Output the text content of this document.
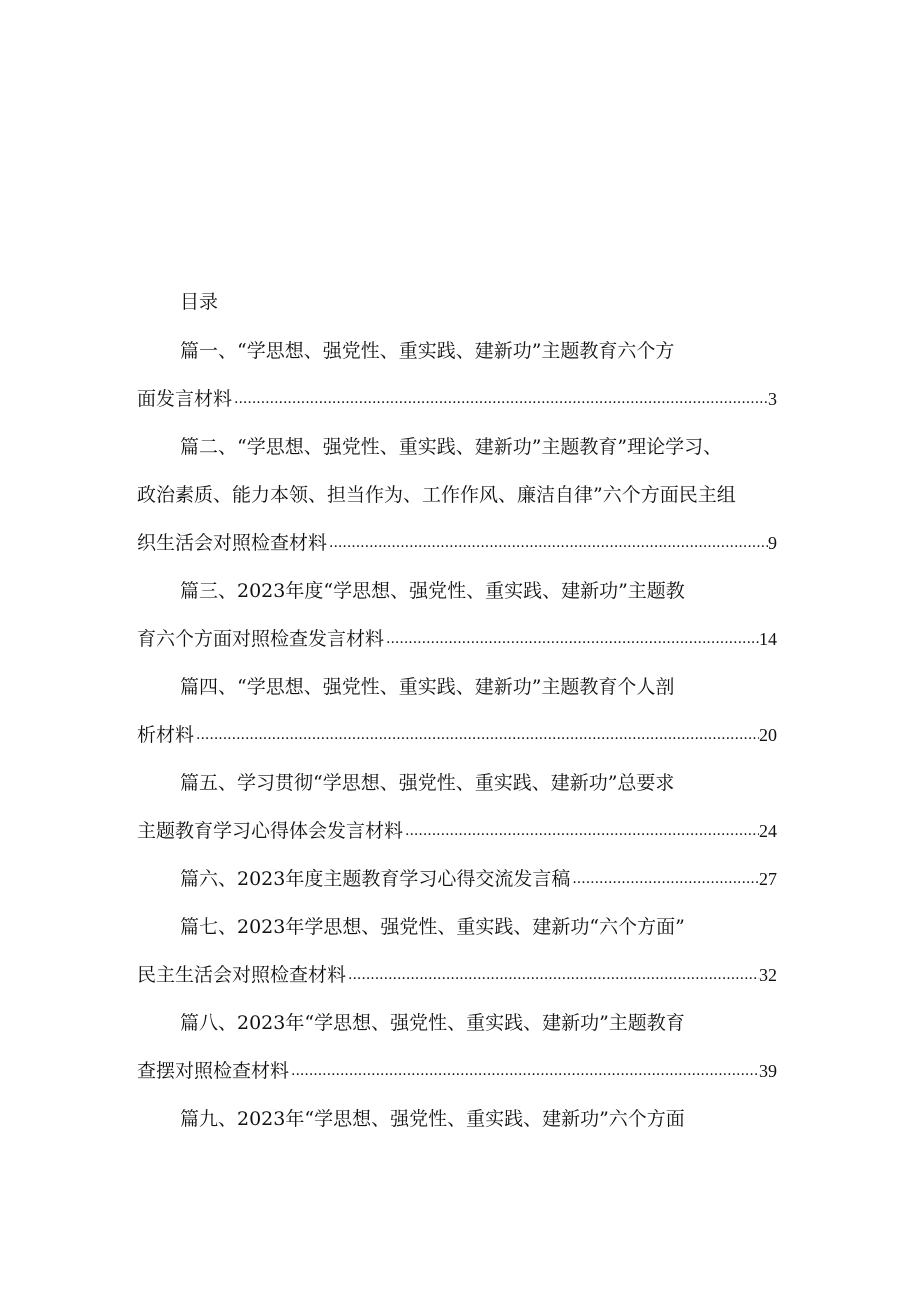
目录
篇一、“学思想、强党性、重实践、建新功”主题教育六个方
面发言材料 .....	3
篇二、“学思想、强党性、重实践、建新功”主题教育”理论学习、
政治素质、能力本领、担当作为、工作作风、廉洁自律”六个方面民主组
织生活会对照检查材料 .....	9
篇三、2023年度“学思想、强党性、重实践、建新功”主题教
育六个方面对照检查发言材料 .....	14
篇四、“学思想、强党性、重实践、建新功”主题教育个人剖
析材料 .....	20
篇五、学习贯彻“学思想、强党性、重实践、建新功”总要求
主题教育学习心得体会发言材料 .....	24
篇六、2023年度主题教育学习心得交流发言稿 .....	27
篇七、2023年学思想、强党性、重实践、建新功“六个方面”
民主生活会对照检查材料 .....	32
篇八、2023年“学思想、强党性、重实践、建新功”主题教育
查摆对照检查材料 .....	39
篇九、2023年“学思想、强党性、重实践、建新功”六个方面
